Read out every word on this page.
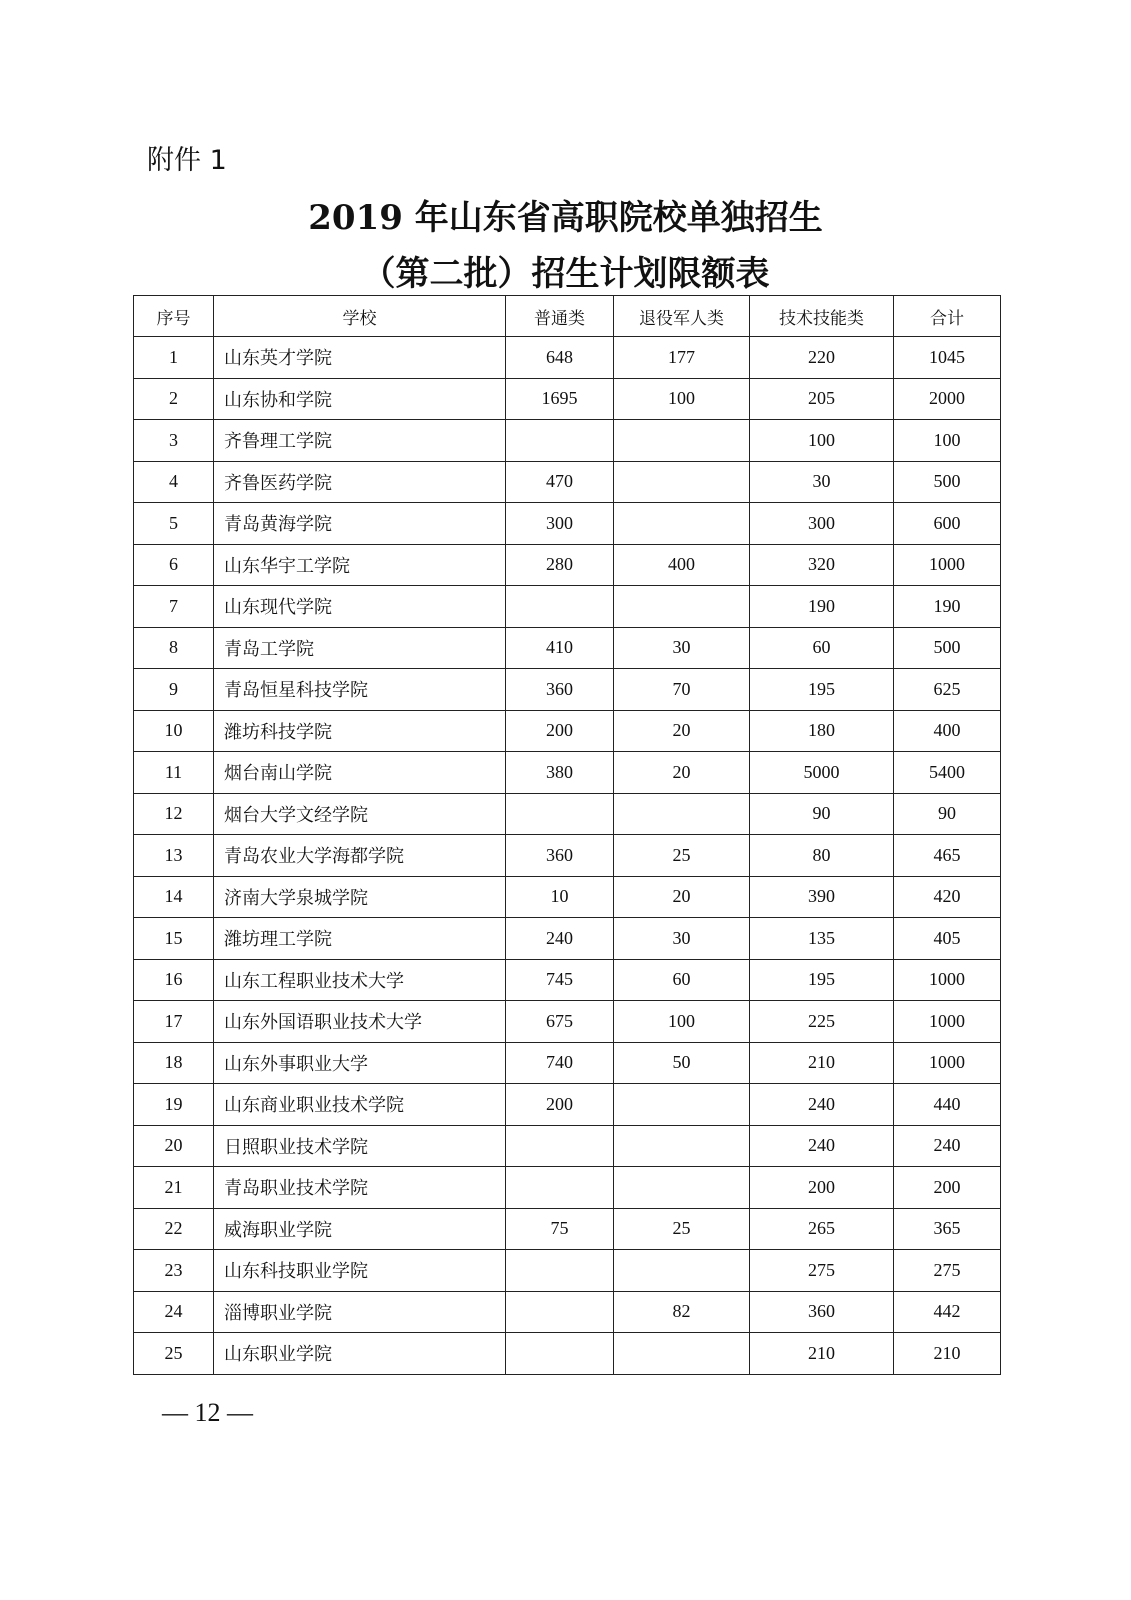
附件 1
2019 年山东省高职院校单独招生
（第二批）招生计划限额表
序号	学校	普通类	退役军人类	技术技能类	合计
1	山东英才学院	648	177	220	1045
2	山东协和学院	1695	100	205	2000
3	齐鲁理工学院			100	100
4	齐鲁医药学院	470		30	500
5	青岛黄海学院	300		300	600
6	山东华宇工学院	280	400	320	1000
7	山东现代学院			190	190
8	青岛工学院	410	30	60	500
9	青岛恒星科技学院	360	70	195	625
10	潍坊科技学院	200	20	180	400
11	烟台南山学院	380	20	5000	5400
12	烟台大学文经学院			90	90
13	青岛农业大学海都学院	360	25	80	465
14	济南大学泉城学院	10	20	390	420
15	潍坊理工学院	240	30	135	405
16	山东工程职业技术大学	745	60	195	1000
17	山东外国语职业技术大学	675	100	225	1000
18	山东外事职业大学	740	50	210	1000
19	山东商业职业技术学院	200		240	440
20	日照职业技术学院			240	240
21	青岛职业技术学院			200	200
22	威海职业学院	75	25	265	365
23	山东科技职业学院			275	275
24	淄博职业学院		82	360	442
25	山东职业学院			210	210
— 12 —
